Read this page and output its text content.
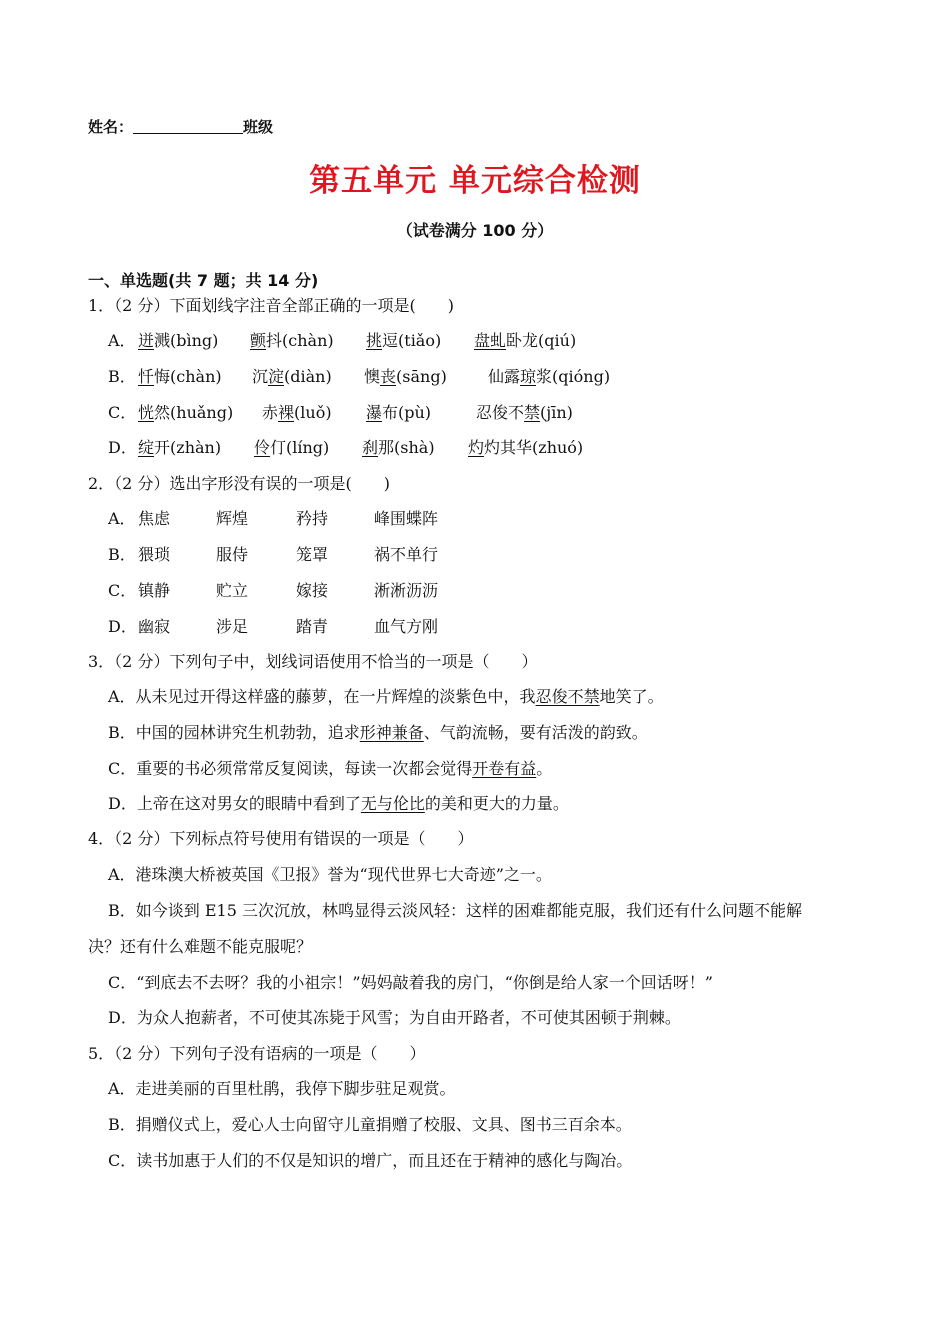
姓名：	班级
第五单元 单元综合检测
（试卷满分 100 分）
一、单选题(共 7 题；共 14 分)
1．（2 分）下面划线字注音全部正确的一项是(　　)
A． 迸溅(bìng) 颤抖(chàn) 挑逗(tiǎo) 盘虬卧龙(qiú)
B． 忏悔(chàn) 沉淀(diàn) 懊丧(sāng)	仙露琼浆(qióng)
C． 恍然(huǎng) 赤裸(luǒ) 瀑布(pù)	忍俊不禁(jīn)
D． 绽开(zhàn) 伶仃(líng) 刹那(shà) 灼灼其华(zhuó)
2．（2 分）选出字形没有误的一项是(　　)
A． 焦虑	辉煌	矜持	峰围蝶阵
B． 猥琐	服侍	笼罩	祸不单行
C． 镇静	贮立	嫁接	淅淅沥沥
D． 幽寂	涉足	踏青	血气方刚
3．（2 分）下列句子中，划线词语使用不恰当的一项是（　　）
A．从未见过开得这样盛的藤萝，在一片辉煌的淡紫色中，我忍俊不禁地笑了。
B．中国的园林讲究生机勃勃，追求形神兼备、气韵流畅，要有活泼的韵致。
C．重要的书必须常常反复阅读，每读一次都会觉得开卷有益。
D．上帝在这对男女的眼睛中看到了无与伦比的美和更大的力量。
4．（2 分）下列标点符号使用有错误的一项是（　　）
A．港珠澳大桥被英国《卫报》誉为“现代世界七大奇迹”之一。
B．如今谈到 E15 三次沉放，林鸣显得云淡风轻：这样的困难都能克服，我们还有什么问题不能解
决？还有什么难题不能克服呢？
C．“到底去不去呀？我的小祖宗！”妈妈敲着我的房门，“你倒是给人家一个回话呀！”
D．为众人抱薪者，不可使其冻毙于风雪；为自由开路者，不可使其困顿于荆棘。
5．（2 分）下列句子没有语病的一项是（　　）
A．走进美丽的百里杜鹃，我停下脚步驻足观赏。
B．捐赠仪式上，爱心人士向留守儿童捐赠了校服、文具、图书三百余本。
C．读书加惠于人们的不仅是知识的增广，而且还在于精神的感化与陶冶。
